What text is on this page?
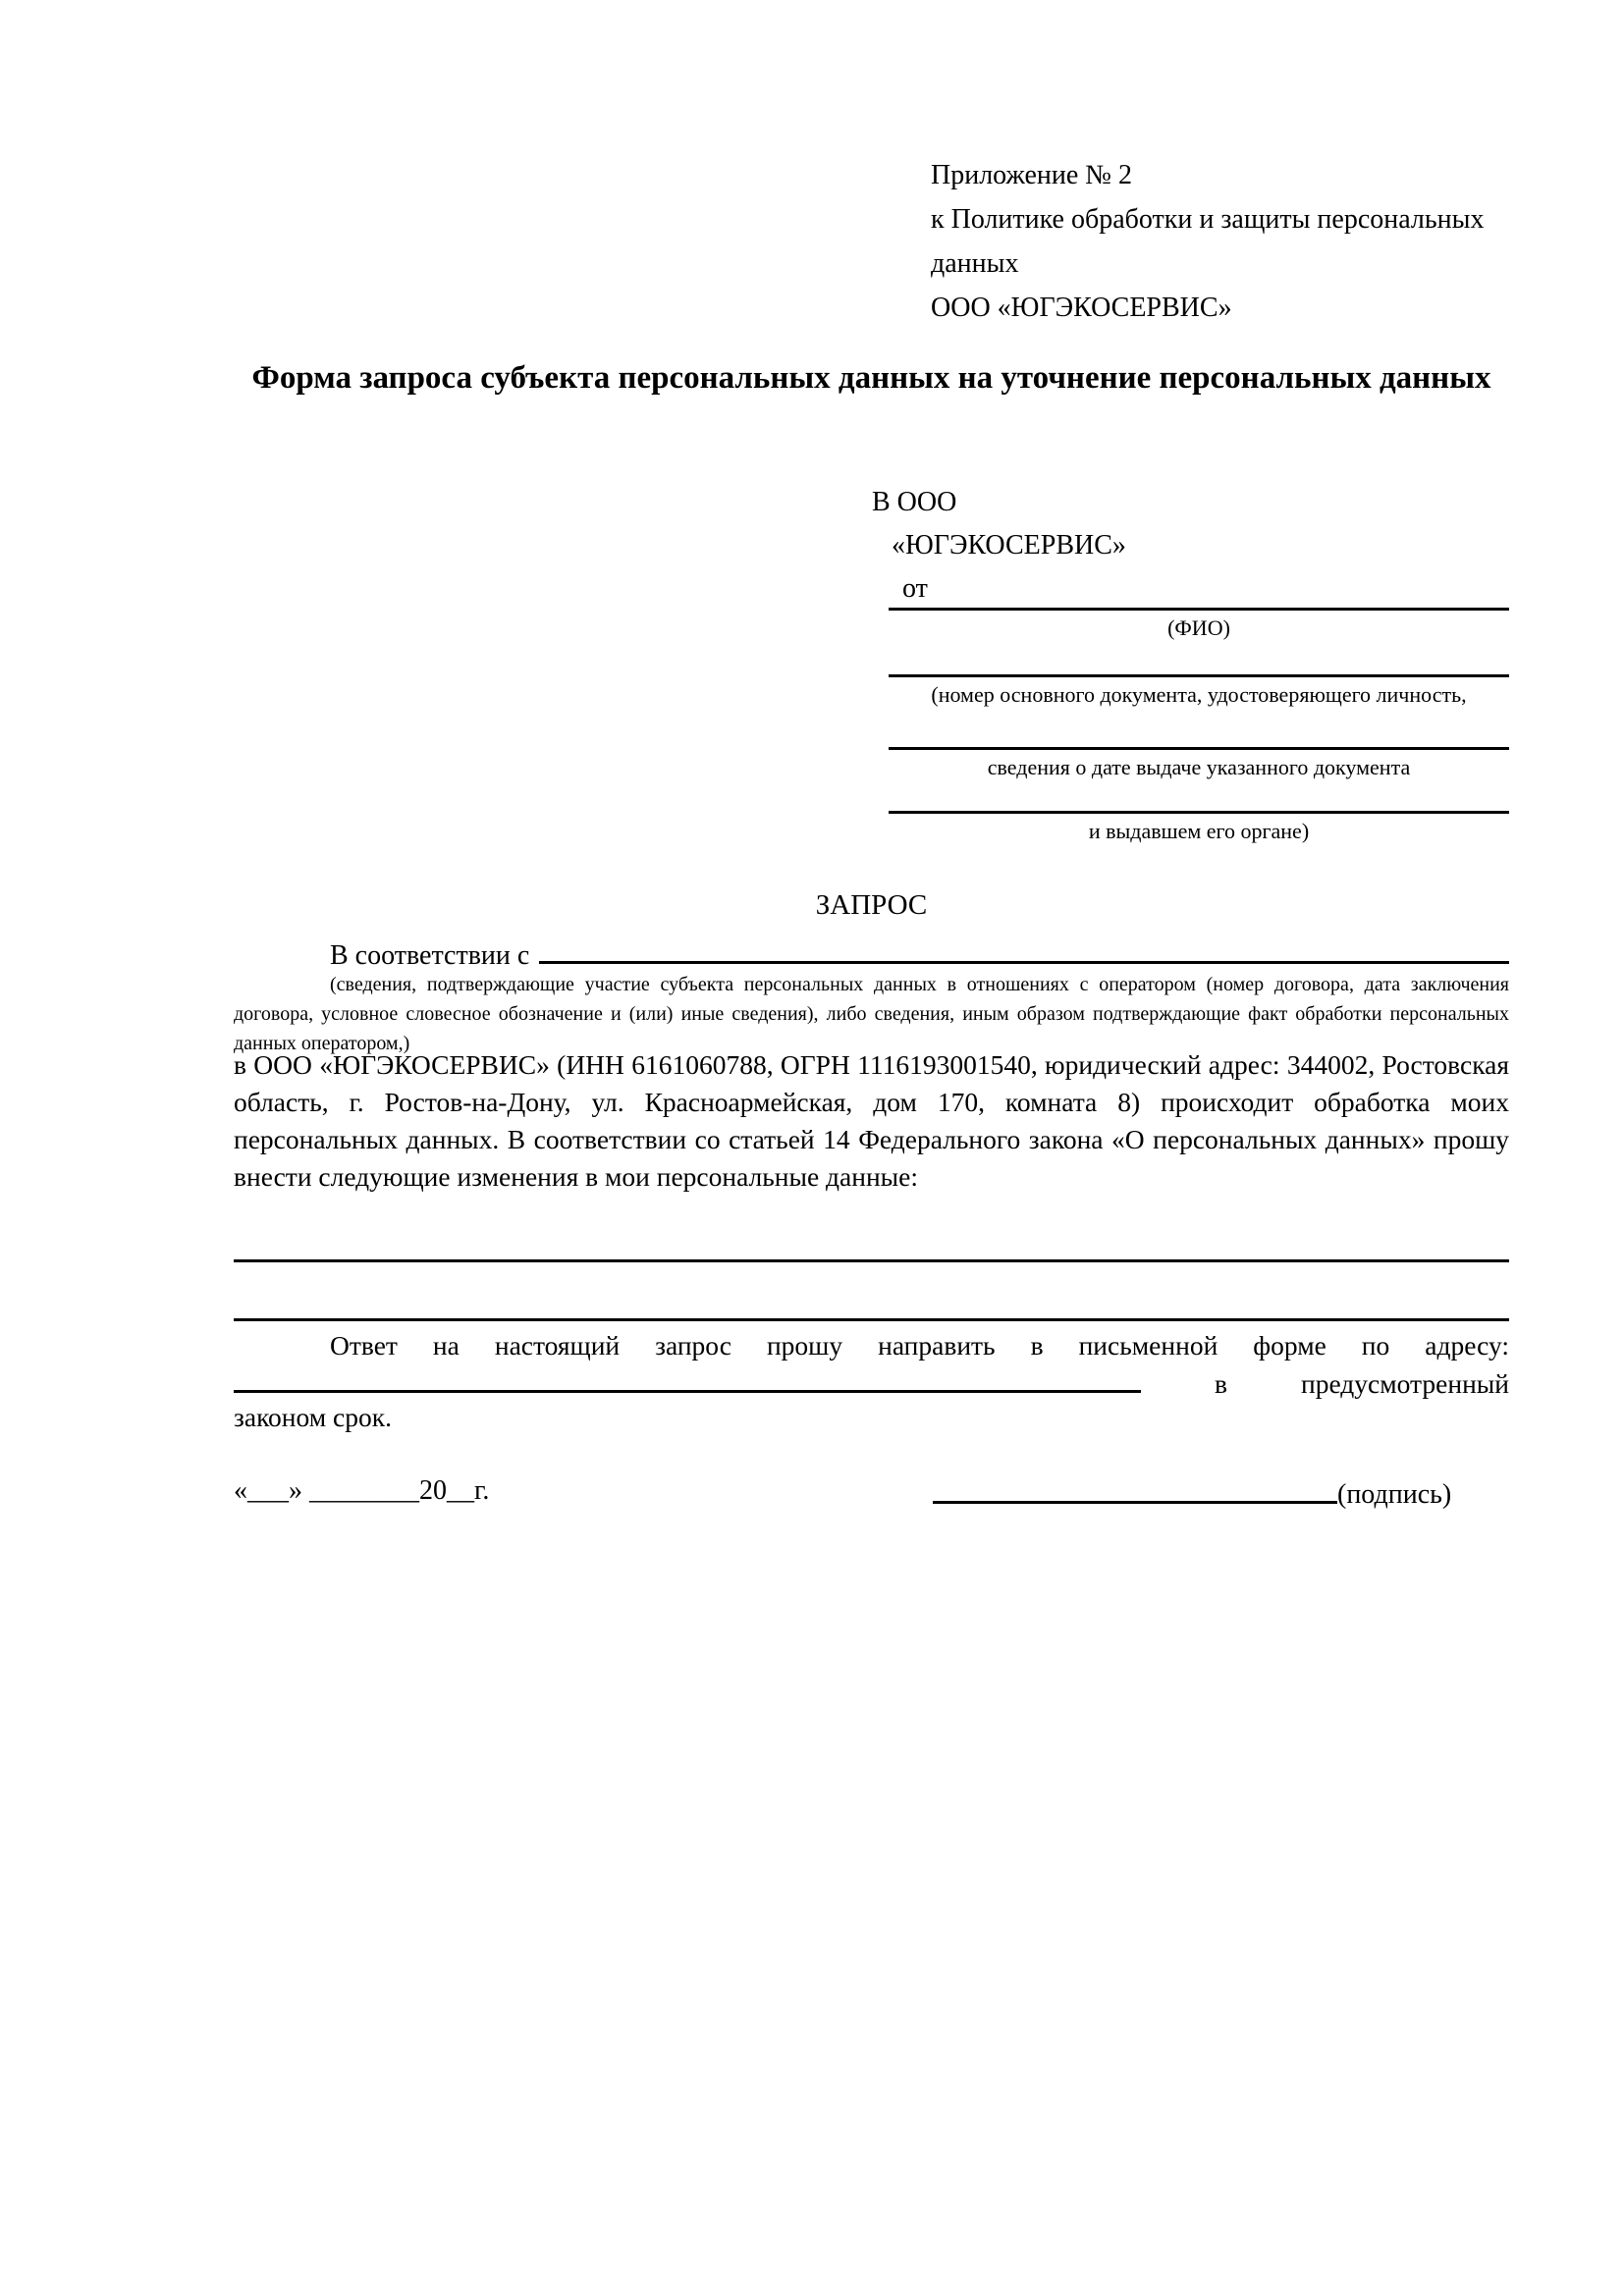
Приложение № 2
к Политике обработки и защиты персональных данных
ООО «ЮГЭКОСЕРВИС»
Форма запроса субъекта персональных данных на уточнение персональных данных
В ООО
«ЮГЭКОСЕРВИС»
от
(ФИО)
(номер основного документа, удостоверяющего личность,
сведения о дате выдаче указанного документа
и выдавшем его органе)
ЗАПРОС
В соответствии с
(сведения, подтверждающие участие субъекта персональных данных в отношениях с оператором (номер договора, дата заключения договора, условное словесное обозначение и (или) иные сведения), либо сведения, иным образом подтверждающие факт обработки персональных данных оператором,)
в ООО «ЮГЭКОСЕРВИС» (ИНН 6161060788, ОГРН 1116193001540, юридический адрес: 344002, Ростовская область, г. Ростов-на-Дону, ул. Красноармейская, дом 170, комната 8) происходит обработка моих персональных данных. В соответствии со статьей 14 Федерального закона «О персональных данных» прошу внести следующие изменения в мои персональные данные:
Ответ на настоящий запрос прошу направить в письменной форме по адресу:
в	предусмотренный
законом срок.
«___» ________20__г.	(подпись)
